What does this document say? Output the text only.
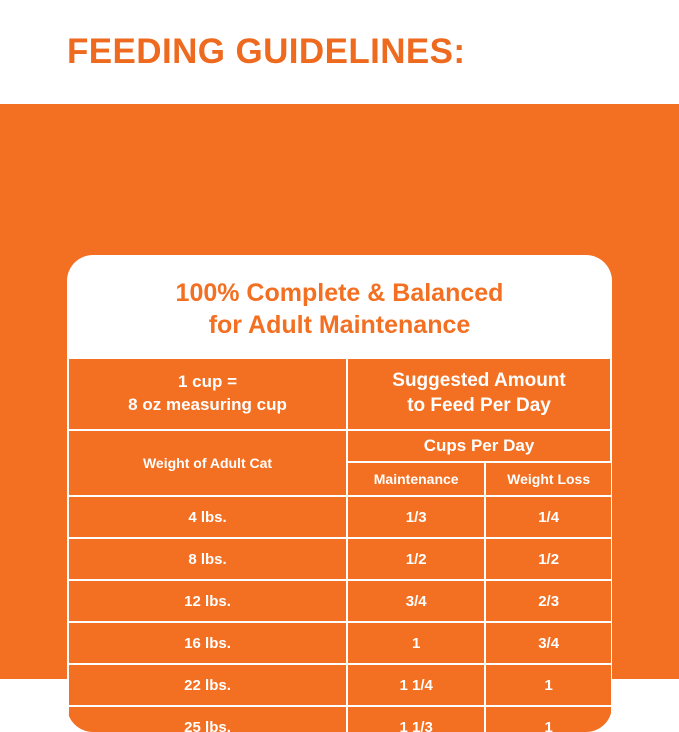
FEEDING GUIDELINES:
100% Complete & Balanced
for Adult Maintenance
1 cup =
8 oz measuring cup

Suggested Amount
to Feed Per Day

Weight of Adult Cat	Cups Per Day	
	Maintenance	Weight Loss
4 lbs.	1/3	1/4
8 lbs.	1/2	1/2
12 lbs.	3/4	2/3
16 lbs.	1	3/4
22 lbs.	1 1/4	1
25 lbs.	1 1/3	1
